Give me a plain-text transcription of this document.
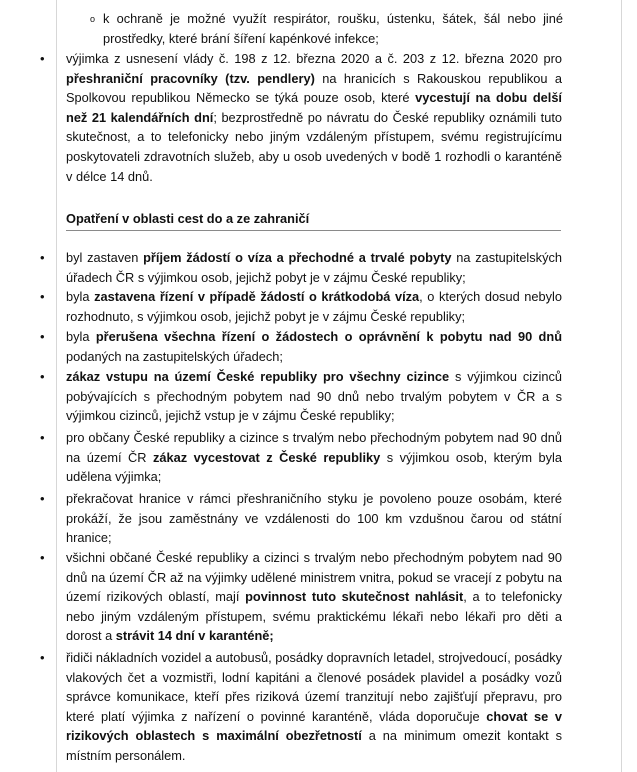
o k ochraně je možné využít respirátor, roušku, ústenku, šátek, šál nebo jiné prostředky, které brání šíření kapénkové infekce;
• výjimka z usnesení vlády č. 198 z 12. března 2020 a č. 203 z 12. března 2020 pro přeshraniční pracovníky (tzv. pendlery) na hranicích s Rakouskou republikou a Spolkovou republikou Německo se týká pouze osob, které vycestují na dobu delší než 21 kalendářních dní; bezprostředně po návratu do České republiky oznámili tuto skutečnost, a to telefonicky nebo jiným vzdáleným přístupem, svému registrujícímu poskytovateli zdravotních služeb, aby u osob uvedených v bodě 1 rozhodli o karanténě v délce 14 dnů.
Opatření v oblasti cest do a ze zahraničí
• byl zastaven příjem žádostí o víza a přechodné a trvalé pobyty na zastupitelských úřadech ČR s výjimkou osob, jejichž pobyt je v zájmu České republiky;
• byla zastavena řízení v případě žádostí o krátkodobá víza, o kterých dosud nebylo rozhodnuto, s výjimkou osob, jejichž pobyt je v zájmu České republiky;
• byla přerušena všechna řízení o žádostech o oprávnění k pobytu nad 90 dnů podaných na zastupitelských úřadech;
• zákaz vstupu na území České republiky pro všechny cizince s výjimkou cizinců pobývajících s přechodným pobytem nad 90 dnů nebo trvalým pobytem v ČR a s výjimkou cizinců, jejichž vstup je v zájmu České republiky;
• pro občany České republiky a cizince s trvalým nebo přechodným pobytem nad 90 dnů na území ČR zákaz vycestovat z České republiky s výjimkou osob, kterým byla udělena výjimka;
• překračovat hranice v rámci přeshraničního styku je povoleno pouze osobám, které prokáží, že jsou zaměstnány ve vzdálenosti do 100 km vzdušnou čarou od státní hranice;
• všichni občané České republiky a cizinci s trvalým nebo přechodným pobytem nad 90 dnů na území ČR až na výjimky udělené ministrem vnitra, pokud se vracejí z pobytu na území rizikových oblastí, mají povinnost tuto skutečnost nahlásit, a to telefonicky nebo jiným vzdáleným přístupem, svému praktickému lékaři nebo lékaři pro děti a dorost a strávit 14 dní v karanténě;
• řidiči nákladních vozidel a autobusů, posádky dopravních letadel, strojvedoucí, posádky vlakových čet a vozmistři, lodní kapitáni a členové posádek plavidel a posádky vozů správce komunikace, kteří přes riziková území tranzitují nebo zajišťují přepravu, pro které platí výjimka z nařízení o povinné karanténě, vláda doporučuje chovat se v rizikových oblastech s maximální obezřetností a na minimum omezit kontakt s místním personálem.
